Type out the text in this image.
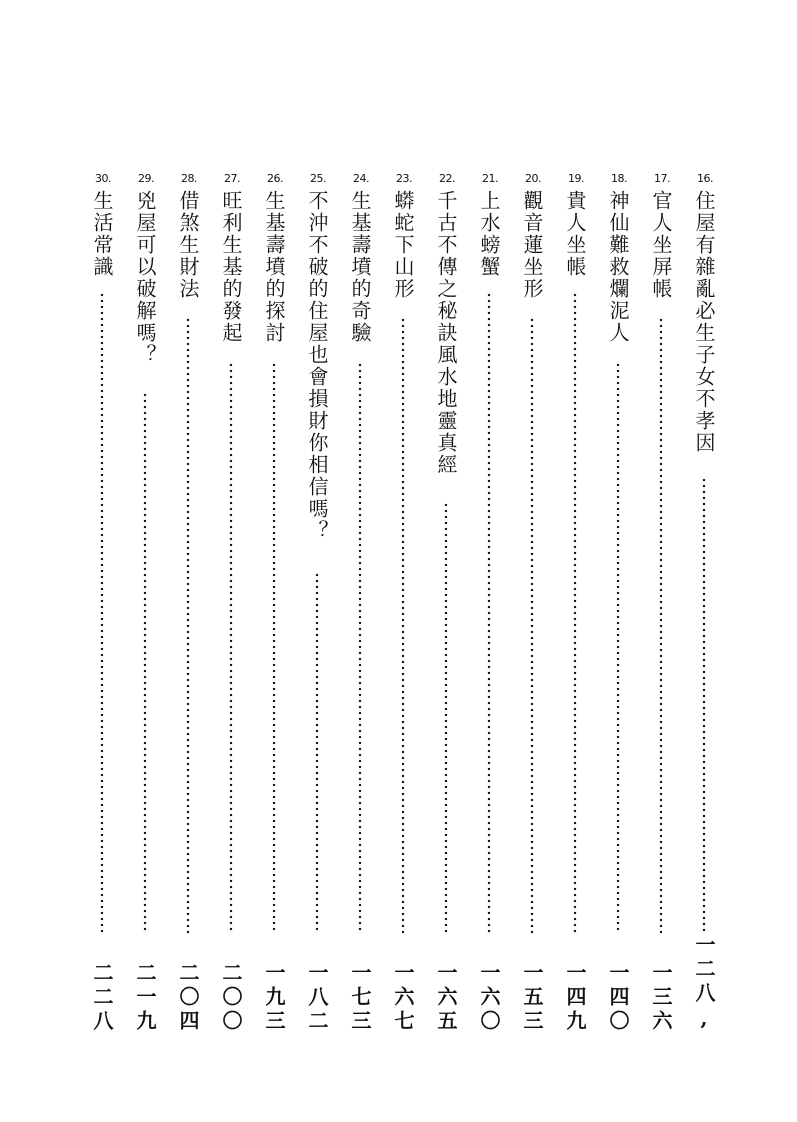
16.
住屋有雜亂必生子女不孝因
一二八,
17.
官人坐屏帳
一三六
18.
神仙難救爛泥人
一四〇
19.
貴人坐帳
一四九
20.
觀音蓮坐形
一五三
21.
上水螃蟹
一六〇
22.
千古不傳之秘訣風水地靈真經
一六五
23.
蟒蛇下山形
一六七
24.
生基壽墳的奇驗
一七三
25.
不沖不破的住屋也會損財你相信嗎？
一八二
26.
生基壽墳的探討
一九三
27.
旺利生基的發起
二〇〇
28.
借煞生財法
二〇四
29.
兇屋可以破解嗎？
二一九
30.
生活常識
二二八
